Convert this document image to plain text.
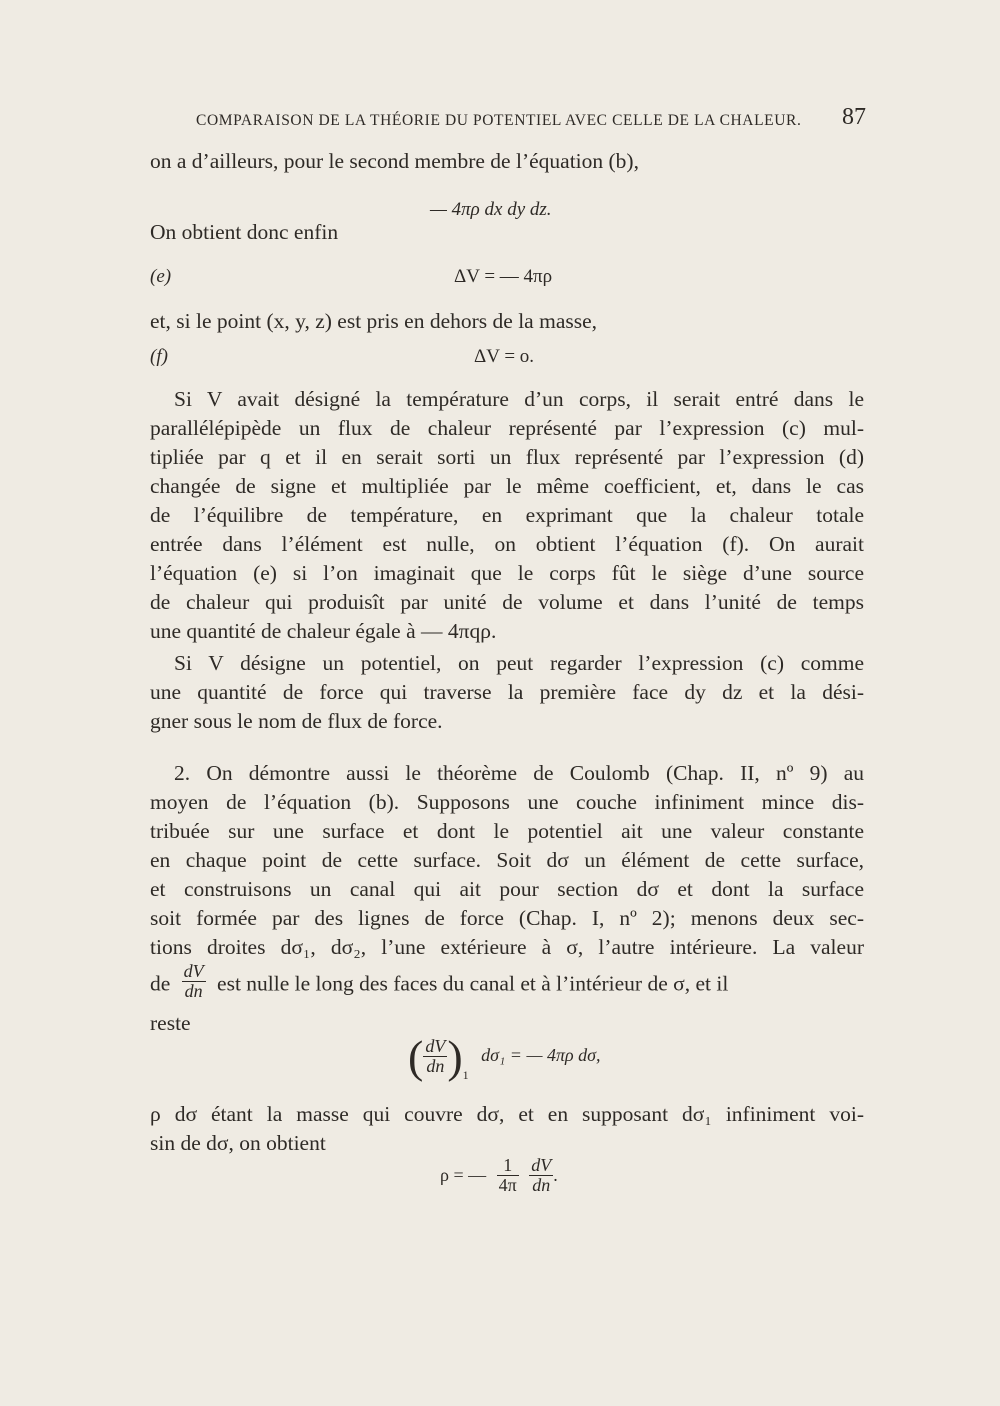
COMPARAISON DE LA THÉORIE DU POTENTIEL AVEC CELLE DE LA CHALEUR. 87
on a d’ailleurs, pour le second membre de l’équation (b),
— 4πρ dx dy dz.
On obtient donc enfin
(e)	ΔV = — 4πρ
et, si le point (x, y, z) est pris en dehors de la masse,
(f)	ΔV = o.
Si V avait désigné la température d’un corps, il serait entré dans le
parallélépipède un flux de chaleur représenté par l’expression (c) mul-
tipliée par q et il en serait sorti un flux représenté par l’expression (d)
changée de signe et multipliée par le même coefficient, et, dans le cas
de l’équilibre de température, en exprimant que la chaleur totale
entrée dans l’élément est nulle, on obtient l’équation (f). On aurait
l’équation (e) si l’on imaginait que le corps fût le siège d’une source
de chaleur qui produisît par unité de volume et dans l’unité de temps
une quantité de chaleur égale à — 4πqρ.
Si V désigne un potentiel, on peut regarder l’expression (c) comme
une quantité de force qui traverse la première face dy dz et la dési-
gner sous le nom de flux de force.
2. On démontre aussi le théorème de Coulomb (Chap. II, nº 9) au
moyen de l’équation (b). Supposons une couche infiniment mince dis-
tribuée sur une surface et dont le potentiel ait une valeur constante
en chaque point de cette surface. Soit dσ un élément de cette surface,
et construisons un canal qui ait pour section dσ et dont la surface
soit formée par des lignes de force (Chap. I, nº 2); menons deux sec-
tions droites dσ₁, dσ₂, l’une extérieure à σ, l’autre intérieure. La valeur
de $\frac{dV}{dn}$ est nulle le long des faces du canal et à l’intérieur de σ, et il
reste
( $\frac{dV}{dn} )_1$ dσ₁ = — 4πρ dσ,
ρ dσ étant la masse qui couvre dσ, et en supposant dσ₁ infiniment voi-
sin de dσ, on obtient
ρ = — $\frac{1}{4\pi}$
$\frac{dV}{dn}$ .
